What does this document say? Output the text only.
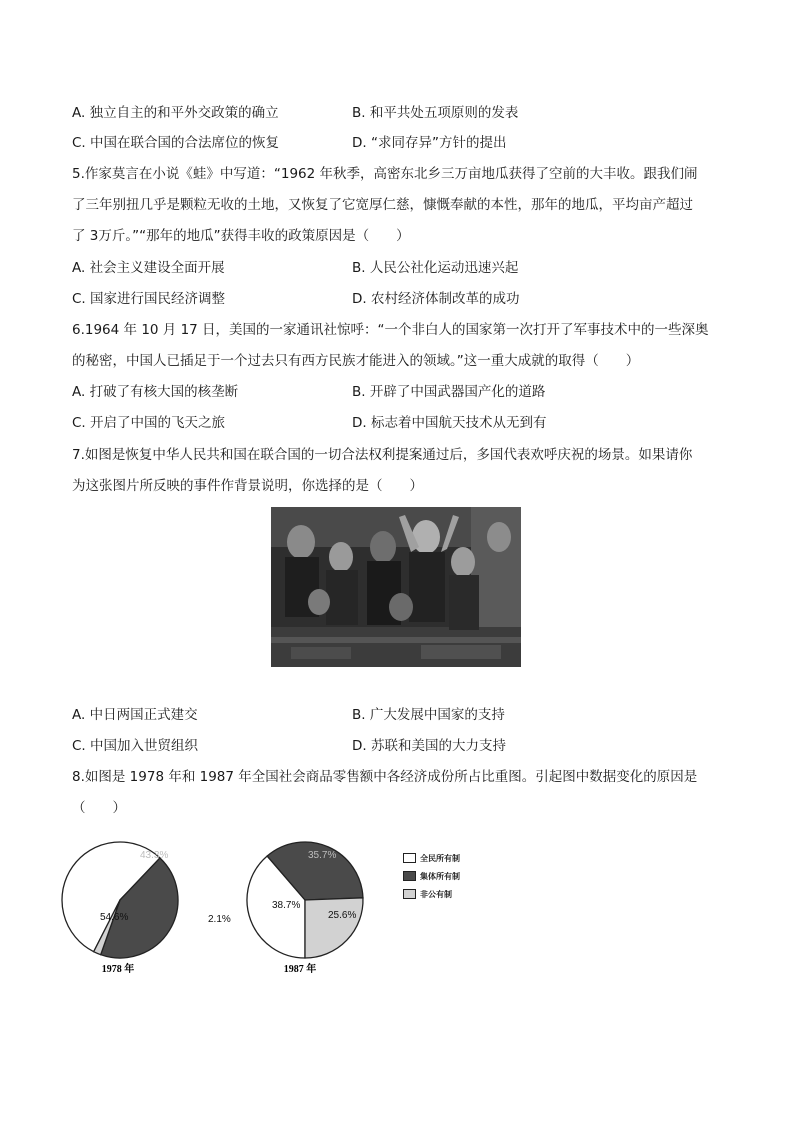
A. 独立自主的和平外交政策的确立	B. 和平共处五项原则的发表
C. 中国在联合国的合法席位的恢复	D. “求同存异”方针的提出
5.作家莫言在小说《蛙》中写道：“1962 年秋季，高密东北乡三万亩地瓜获得了空前的大丰收。跟我们闹
了三年别扭几乎是颗粒无收的土地，又恢复了它宽厚仁慈，慷慨奉献的本性，那年的地瓜，平均亩产超过
了 3万斤。”“那年的地瓜”获得丰收的政策原因是（　　）
A. 社会主义建设全面开展	B. 人民公社化运动迅速兴起
C. 国家进行国民经济调整	D. 农村经济体制改革的成功
6.1964 年 10 月 17 日，美国的一家通讯社惊呼：“一个非白人的国家第一次打开了军事技术中的一些深奥
的秘密，中国人已插足于一个过去只有西方民族才能进入的领域。”这一重大成就的取得（　　）
A. 打破了有核大国的核垄断	B. 开辟了中国武器国产化的道路
C. 开启了中国的飞天之旅	D. 标志着中国航天技术从无到有
7.如图是恢复中华人民共和国在联合国的一切合法权利提案通过后，多国代表欢呼庆祝的场景。如果请你
为这张图片所反映的事件作背景说明，你选择的是（　　）
A. 中日两国正式建交	B. 广大发展中国家的支持
C. 中国加入世贸组织	D. 苏联和美国的大力支持
8.如图是 1978 年和 1987 年全国社会商品零售额中各经济成份所占比重图。引起图中数据变化的原因是
（　　）
54.6%
43.3%
2.1%
1978 年
38.7%
35.7%
25.6%
1987 年
全民所有制
集体所有制
非公有制
